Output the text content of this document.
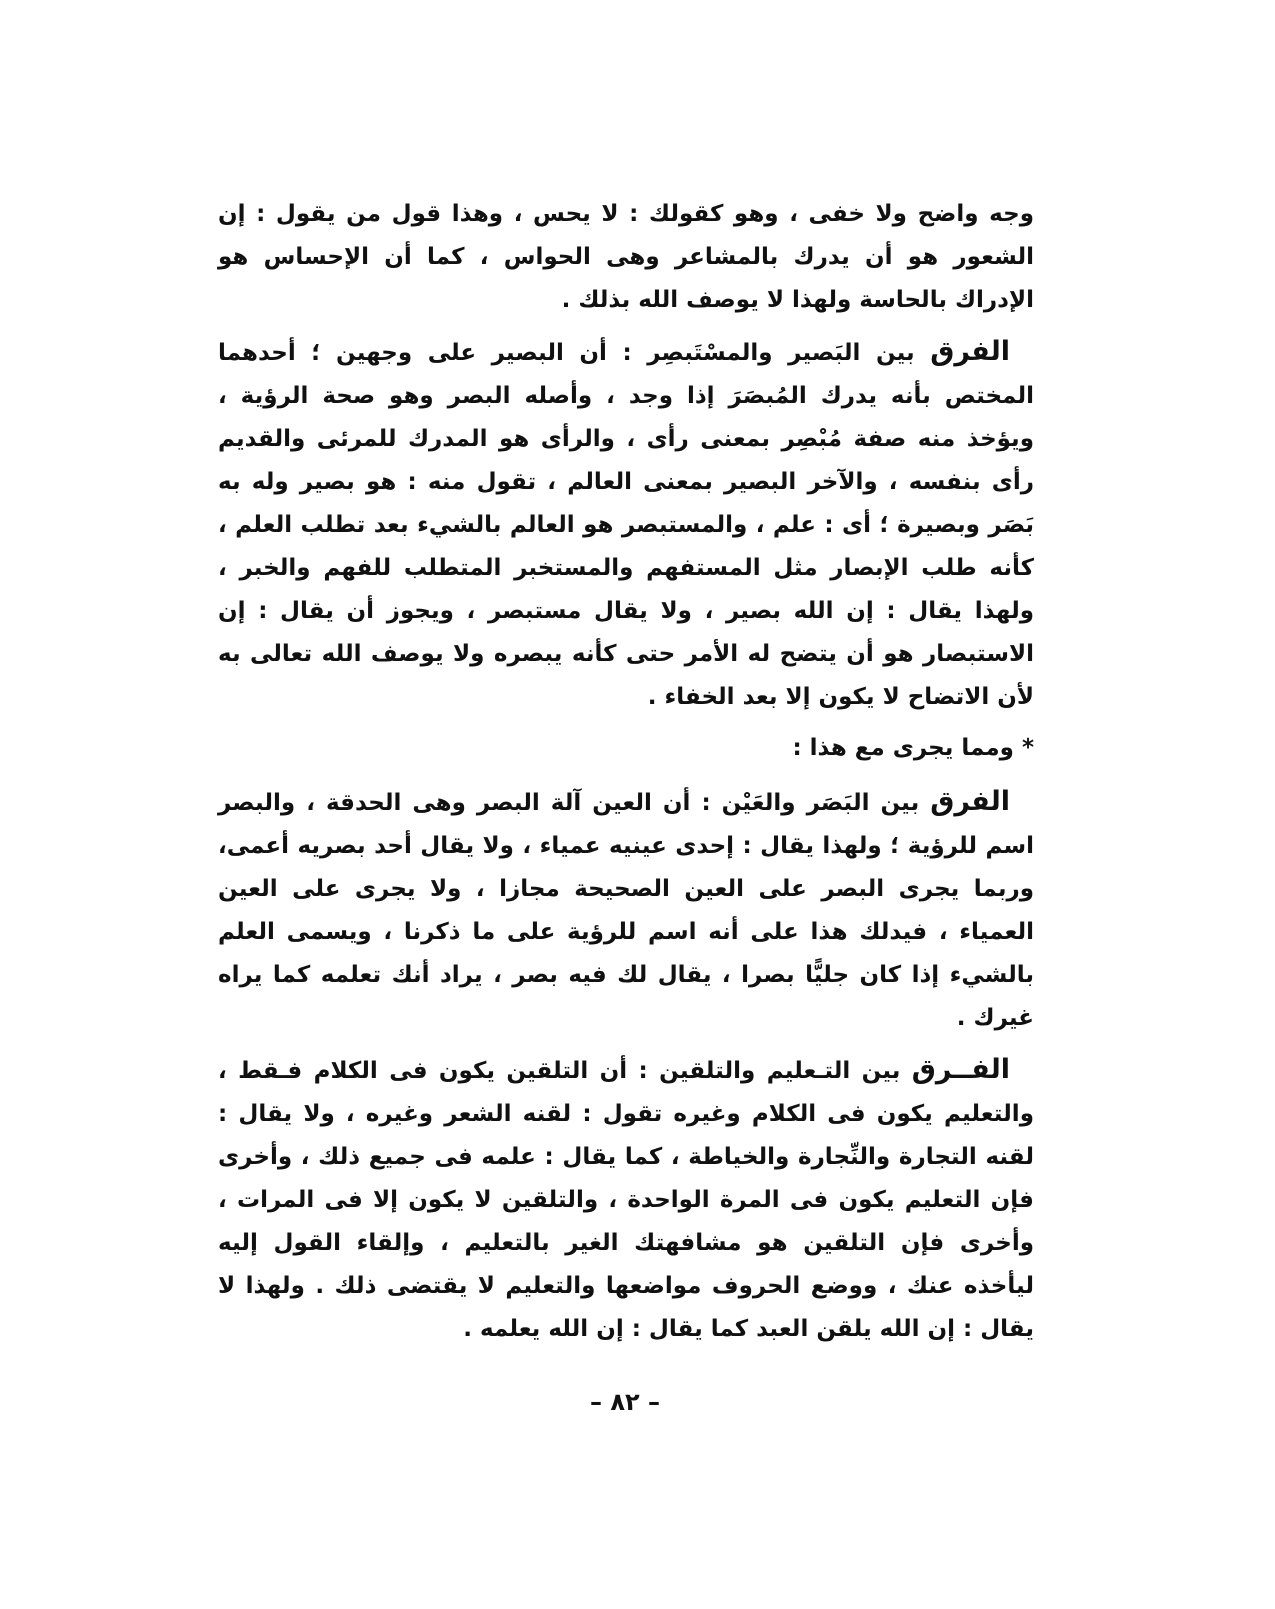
وجه واضح ولا خفى ، وهو كقولك : لا يحس ، وهذا قول من يقول : إن الشعور هو أن يدرك بالمشاعر وهى الحواس ، كما أن الإحساس هو الإدراك بالحاسة ولهذا لا يوصف الله بذلك .

الفرق بين البَصير والمسْتَبصِر : أن البصير على وجهين ؛ أحدهما المختص بأنه يدرك المُبصَرَ إذا وجد ، وأصله البصر وهو صحة الرؤية ، ويؤخذ منه صفة مُبْصِر بمعنى رأى ، والرأى هو المدرك للمرئى والقديم رأى بنفسه ، والآخر البصير بمعنى العالم ، تقول منه : هو بصير وله به بَصَر وبصيرة ؛ أى : علم ، والمستبصر هو العالم بالشيء بعد تطلب العلم ، كأنه طلب الإبصار مثل المستفهم والمستخبر المتطلب للفهم والخبر ، ولهذا يقال : إن الله بصير ، ولا يقال مستبصر ، ويجوز أن يقال : إن الاستبصار هو أن يتضح له الأمر حتى كأنه يبصره ولا يوصف الله تعالى به لأن الاتضاح لا يكون إلا بعد الخفاء .

* ومما يجرى مع هذا :

الفرق بين البَصَر والعَيْن : أن العين آلة البصر وهى الحدقة ، والبصر اسم للرؤية ؛ ولهذا يقال : إحدى عينيه عمياء ، ولا يقال أحد بصريه أعمى، وربما يجرى البصر على العين الصحيحة مجازا ، ولا يجرى على العين العمياء ، فيدلك هذا على أنه اسم للرؤية على ما ذكرنا ، ويسمى العلم بالشيء إذا كان جليًّا بصرا ، يقال لك فيه بصر ، يراد أنك تعلمه كما يراه غيرك .

الفــرق بين التـعليم والتلقين : أن التلقين يكون فى الكلام فـقط ، والتعليم يكون فى الكلام وغيره تقول : لقنه الشعر وغيره ، ولا يقال : لقنه التجارة والنِّجارة والخياطة ، كما يقال : علمه فى جميع ذلك ، وأخرى فإن التعليم يكون فى المرة الواحدة ، والتلقين لا يكون إلا فى المرات ، وأخرى فإن التلقين هو مشافهتك الغير بالتعليم ، وإلقاء القول إليه ليأخذه عنك ، ووضع الحروف مواضعها والتعليم لا يقتضى ذلك . ولهذا لا يقال : إن الله يلقن العبد كما يقال : إن الله يعلمه .

– ٨٢ –
